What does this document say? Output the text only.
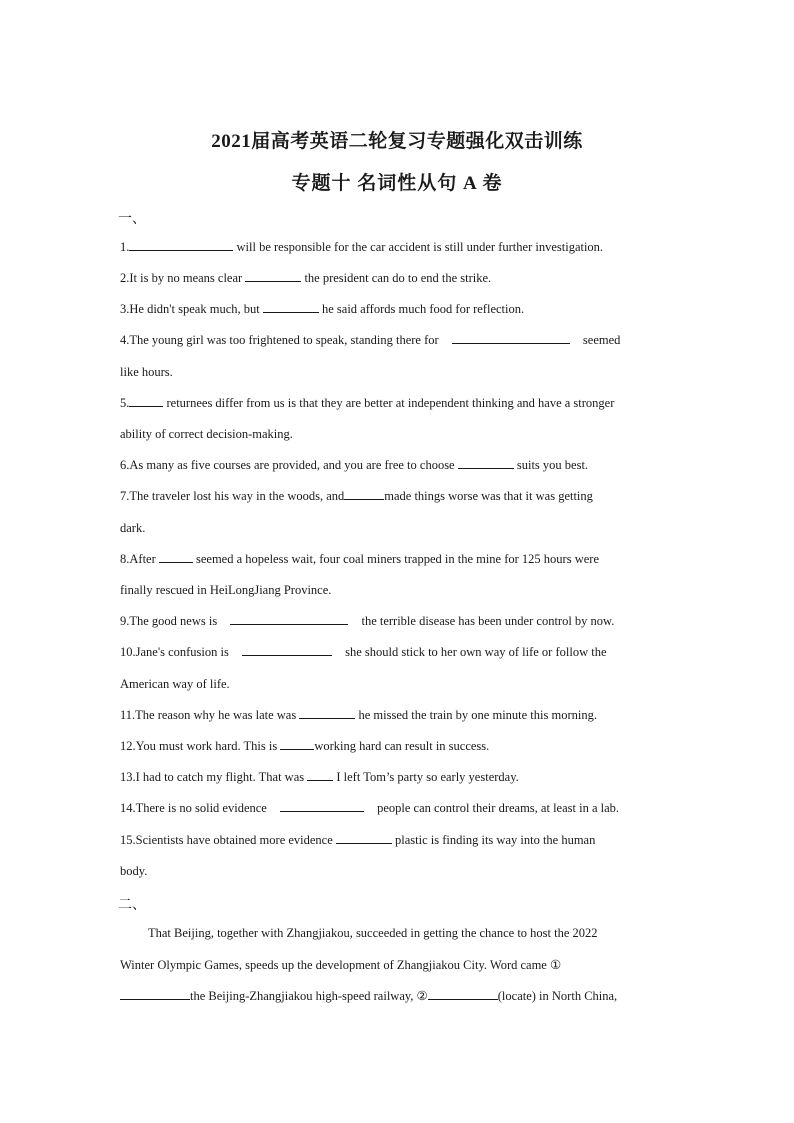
2021届高考英语二轮复习专题强化双击训练
专题十 名词性从句 A 卷
一、
1.	will be responsible for the car accident is still under further investigation.
2.It is by no means clear	the president can do to end the strike.
3.He didn't speak much, but	he said affords much food for reflection.
4.The young girl was too frightened to speak, standing there for	seemed
like hours.
5.	returnees differ from us is that they are better at independent thinking and have a stronger
ability of correct decision-making.
6.As many as five courses are provided, and you are free to choose	suits you best.
7.The traveler lost his way in the woods, and	made things worse was that it was getting
dark.
8.After	seemed a hopeless wait, four coal miners trapped in the mine for 125 hours were
finally rescued in HeiLongJiang Province.
9.The good news is	the terrible disease has been under control by now.
10.Jane's confusion is	she should stick to her own way of life or follow the
American way of life.
11.The reason why he was late was	he missed the train by one minute this morning.
12.You must work hard. This is	working hard can result in success.
13.I had to catch my flight. That was  I left Tom’s party so early yesterday.
14.There is no solid evidence	people can control their dreams, at least in a lab.
15.Scientists have obtained more evidence	plastic is finding its way into the human
body.
二、
That Beijing, together with Zhangjiakou, succeeded in getting the chance to host the 2022
Winter Olympic Games, speeds up the development of Zhangjiakou City. Word came ①
the Beijing-Zhangjiakou high-speed railway, ②	(locate) in North China,
